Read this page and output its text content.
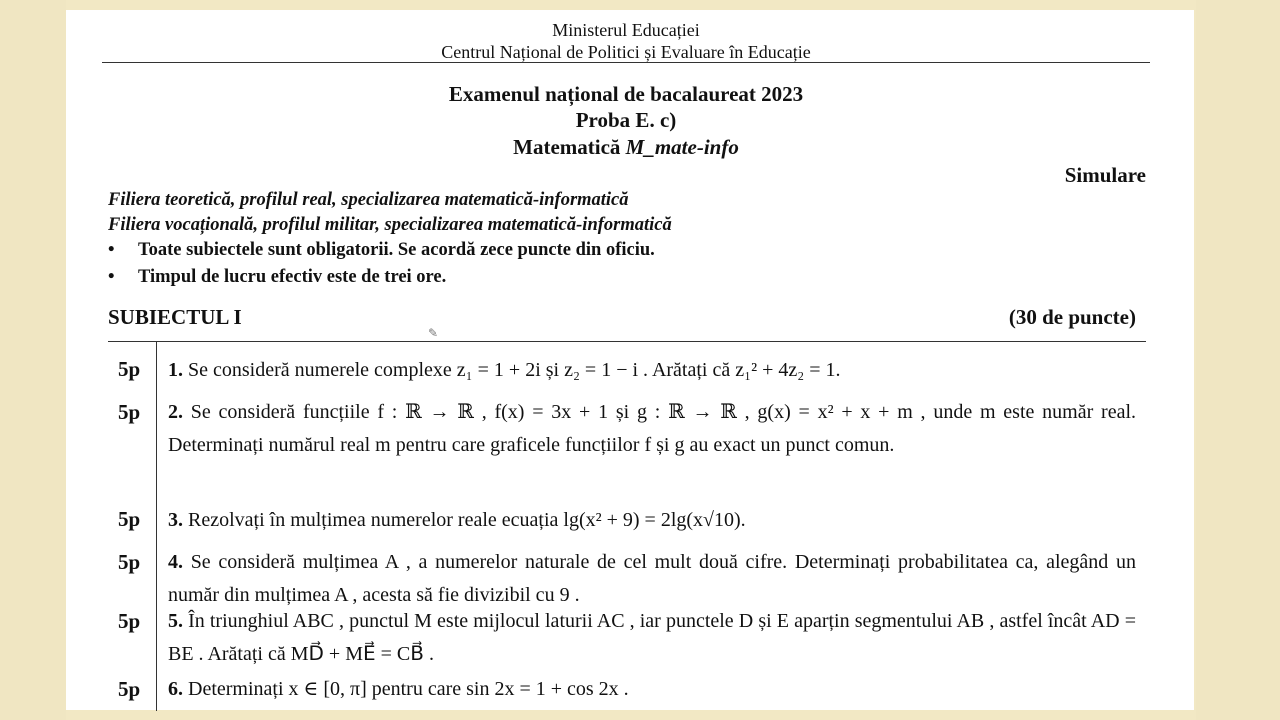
Ministerul Educației
Centrul Național de Politici și Evaluare în Educație
Examenul național de bacalaureat 2023
Proba E. c)
Matematică M_mate-info
Simulare
Filiera teoretică, profilul real, specializarea matematică-informatică
Filiera vocațională, profilul militar, specializarea matematică-informatică
• Toate subiectele sunt obligatorii. Se acordă zece puncte din oficiu.
• Timpul de lucru efectiv este de trei ore.
SUBIECTUL I
✎
(30 de puncte)
5p	1. Se consideră numerele complexe z₁ = 1 + 2i și z₂ = 1 − i . Arătați că z₁² + 4z₂ = 1.
5p	2. Se consideră funcțiile f : ℝ → ℝ , f(x) = 3x + 1 și g : ℝ → ℝ , g(x) = x² + x + m , unde m este număr real. Determinați numărul real m pentru care graficele funcțiilor f și g au exact un punct comun.
5p	3. Rezolvați în mulțimea numerelor reale ecuația lg(x² + 9) = 2lg(x√10).
5p	4. Se consideră mulțimea A , a numerelor naturale de cel mult două cifre. Determinați probabilitatea ca, alegând un număr din mulțimea A , acesta să fie divizibil cu 9 .
5p	5. În triunghiul ABC , punctul M este mijlocul laturii AC , iar punctele D și E aparțin segmentului AB , astfel încât AD = BE . Arătați că MD⃗ + ME⃗ = CB⃗ .
5p	6. Determinați x ∈ [0, π] pentru care sin 2x = 1 + cos 2x .
